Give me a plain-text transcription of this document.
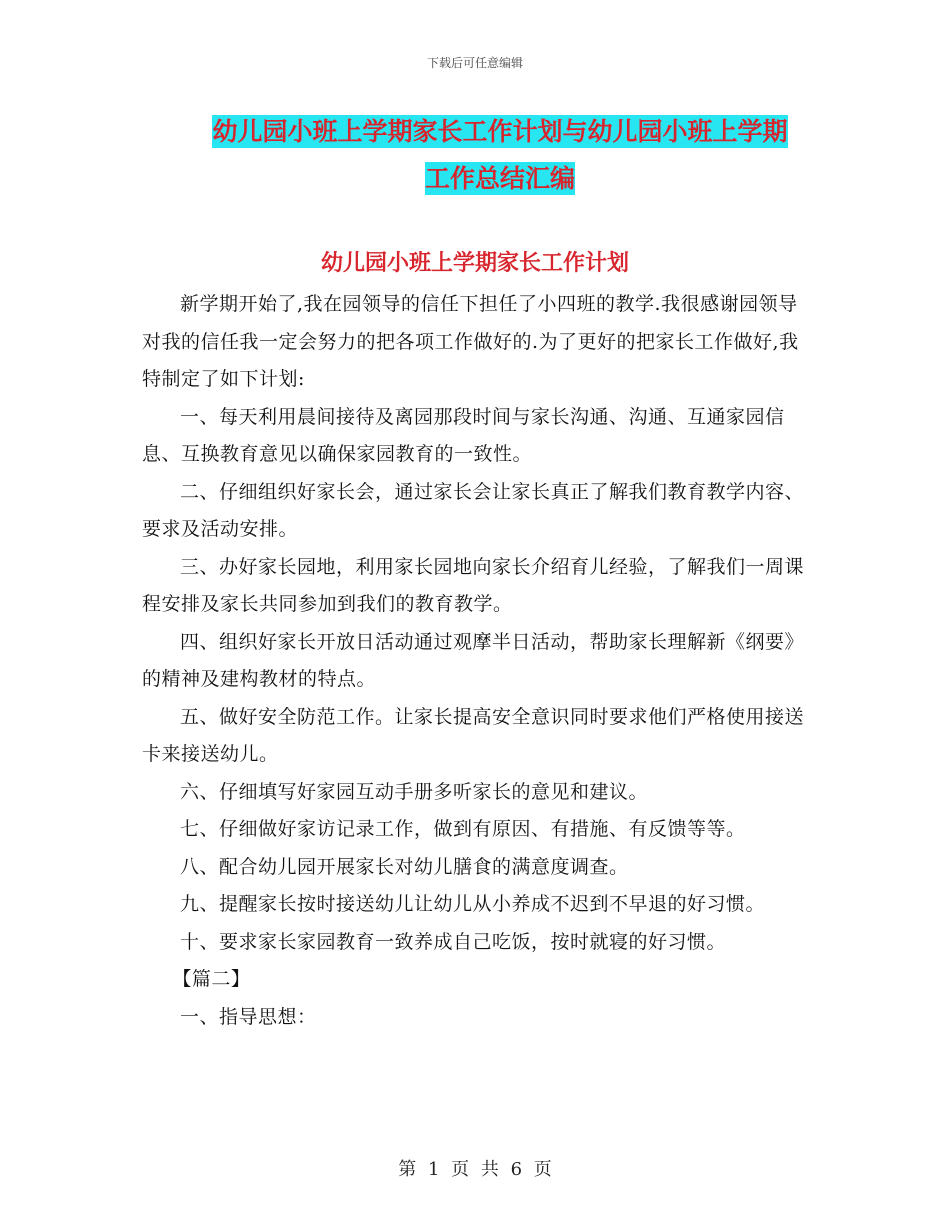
下载后可任意编辑
幼儿园小班上学期家长工作计划与幼儿园小班上学期
工作总结汇编
幼儿园小班上学期家长工作计划

新学期开始了,我在园领导的信任下担任了小四班的教学.我很感谢园领导对我的信任我一定会努力的把各项工作做好的.为了更好的把家长工作做好,我特制定了如下计划:

一、每天利用晨间接待及离园那段时间与家长沟通、沟通、互通家园信息、互换教育意见以确保家园教育的一致性。

二、仔细组织好家长会，通过家长会让家长真正了解我们教育教学内容、要求及活动安排。

三、办好家长园地，利用家长园地向家长介绍育儿经验，了解我们一周课程安排及家长共同参加到我们的教育教学。

四、组织好家长开放日活动通过观摩半日活动，帮助家长理解新《纲要》的精神及建构教材的特点。

五、做好安全防范工作。让家长提高安全意识同时要求他们严格使用接送卡来接送幼儿。

六、仔细填写好家园互动手册多听家长的意见和建议。

七、仔细做好家访记录工作，做到有原因、有措施、有反馈等等。

八、配合幼儿园开展家长对幼儿膳食的满意度调查。

九、提醒家长按时接送幼儿让幼儿从小养成不迟到不早退的好习惯。

十、要求家长家园教育一致养成自己吃饭，按时就寝的好习惯。

【篇二】

一、指导思想：

第 1 页 共 6 页
